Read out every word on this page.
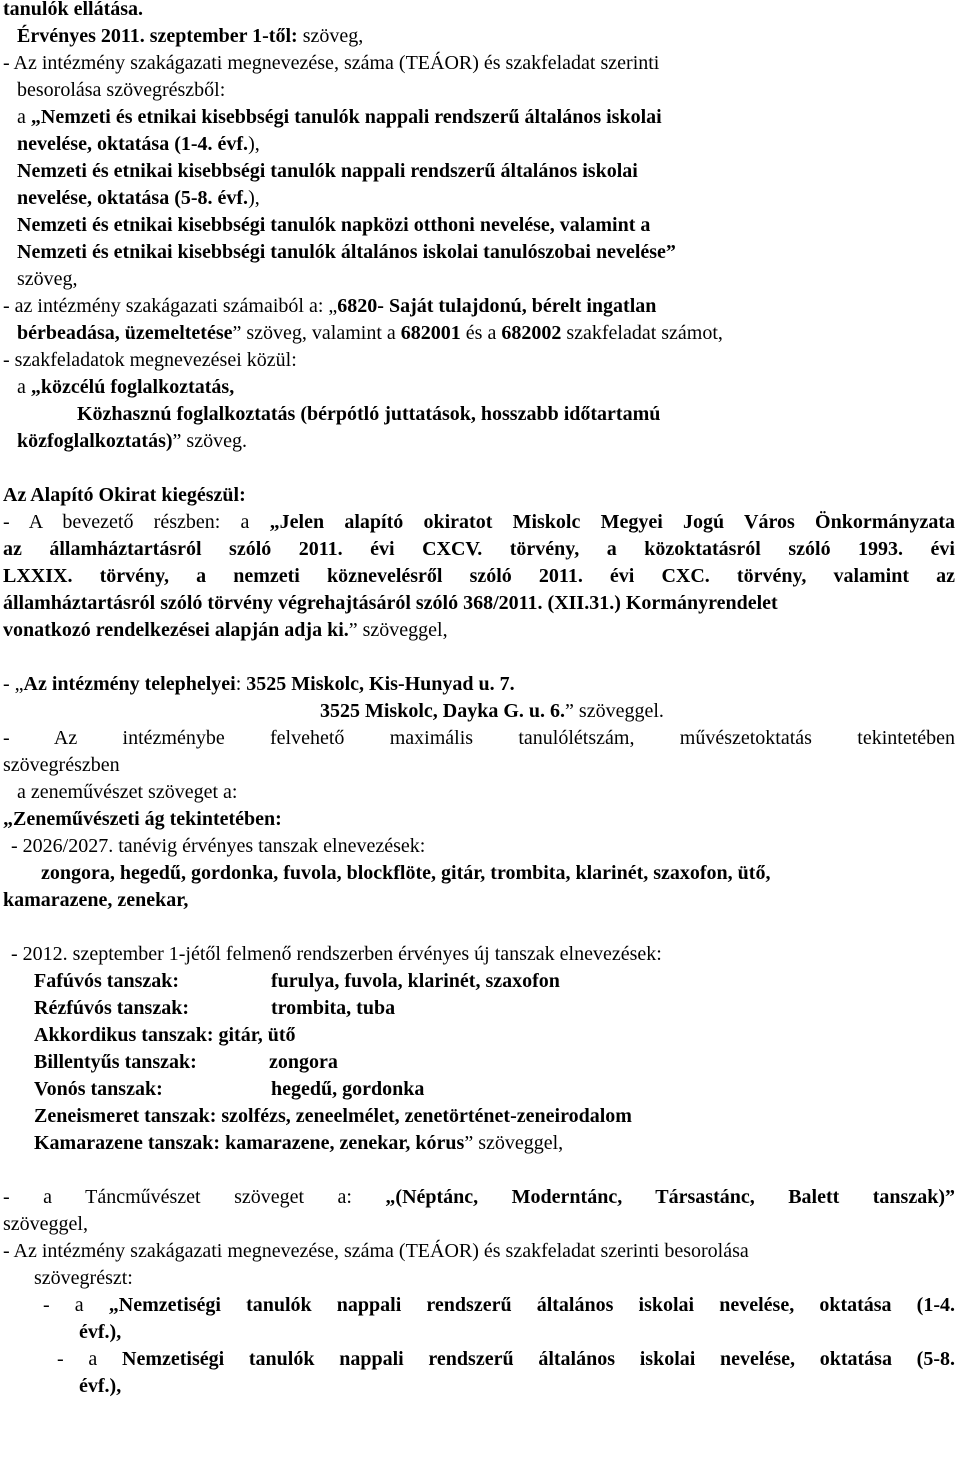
tanulók ellátása.
Érvényes 2011. szeptember 1-től: szöveg,
- Az intézmény szakágazati megnevezése, száma (TEÁOR) és szakfeladat szerinti
besorolása szövegrészből:
a „Nemzeti és etnikai kisebbségi tanulók nappali rendszerű általános iskolai
nevelése, oktatása (1-4. évf.),
Nemzeti és etnikai kisebbségi tanulók nappali rendszerű általános iskolai
nevelése, oktatása (5-8. évf.),
Nemzeti és etnikai kisebbségi tanulók napközi otthoni nevelése, valamint a
Nemzeti és etnikai kisebbségi tanulók általános iskolai tanulószobai nevelése”
szöveg,
- az intézmény szakágazati számaiból a: „6820- Saját tulajdonú, bérelt ingatlan
bérbeadása, üzemeltetése” szöveg, valamint a 682001 és a 682002 szakfeladat számot,
- szakfeladatok megnevezései közül:
a „közcélú foglalkoztatás,
Közhasznú foglalkoztatás (bérpótló juttatások, hosszabb időtartamú
közfoglalkoztatás)” szöveg.
Az Alapító Okirat kiegészül:
- A bevezető részben: a „Jelen alapító okiratot Miskolc Megyei Jogú Város Önkormányzata
az államháztartásról szóló 2011. évi CXCV. törvény, a közoktatásról szóló 1993. évi
LXXIX. törvény, a nemzeti köznevelésről szóló 2011. évi CXC. törvény, valamint az
államháztartásról szóló törvény végrehajtásáról szóló 368/2011. (XII.31.) Kormányrendelet
vonatkozó rendelkezései alapján adja ki.” szöveggel,
- „Az intézmény telephelyei: 3525 Miskolc, Kis-Hunyad u. 7.
3525 Miskolc, Dayka G. u. 6.” szöveggel.
- Az intézménybe felvehető maximális tanulólétszám, művészetoktatás tekintetében
szövegrészben
a zeneművészet szöveget a:
„Zeneművészeti ág tekintetében:
- 2026/2027. tanévig érvényes tanszak elnevezések:
zongora, hegedű, gordonka, fuvola, blockflöte, gitár, trombita, klarinét, szaxofon, ütő,
kamarazene, zenekar,
- 2012. szeptember 1-jétől felmenő rendszerben érvényes új tanszak elnevezések:
Fafúvós tanszak:	furulya, fuvola, klarinét, szaxofon
Rézfúvós tanszak:	trombita, tuba
Akkordikus tanszak: gitár, ütő
Billentyűs tanszak:	zongora
Vonós tanszak:	hegedű, gordonka
Zeneismeret tanszak: szolfézs, zeneelmélet, zenetörténet-zeneirodalom
Kamarazene tanszak: kamarazene, zenekar, kórus” szöveggel,
- a Táncművészet szöveget a: „(Néptánc, Moderntánc, Társastánc, Balett tanszak)”
szöveggel,
- Az intézmény szakágazati megnevezése, száma (TEÁOR) és szakfeladat szerinti besorolása
szövegrészt:
- a „Nemzetiségi tanulók nappali rendszerű általános iskolai nevelése, oktatása (1-4.
évf.),
- a Nemzetiségi tanulók nappali rendszerű általános iskolai nevelése, oktatása (5-8.
évf.),
